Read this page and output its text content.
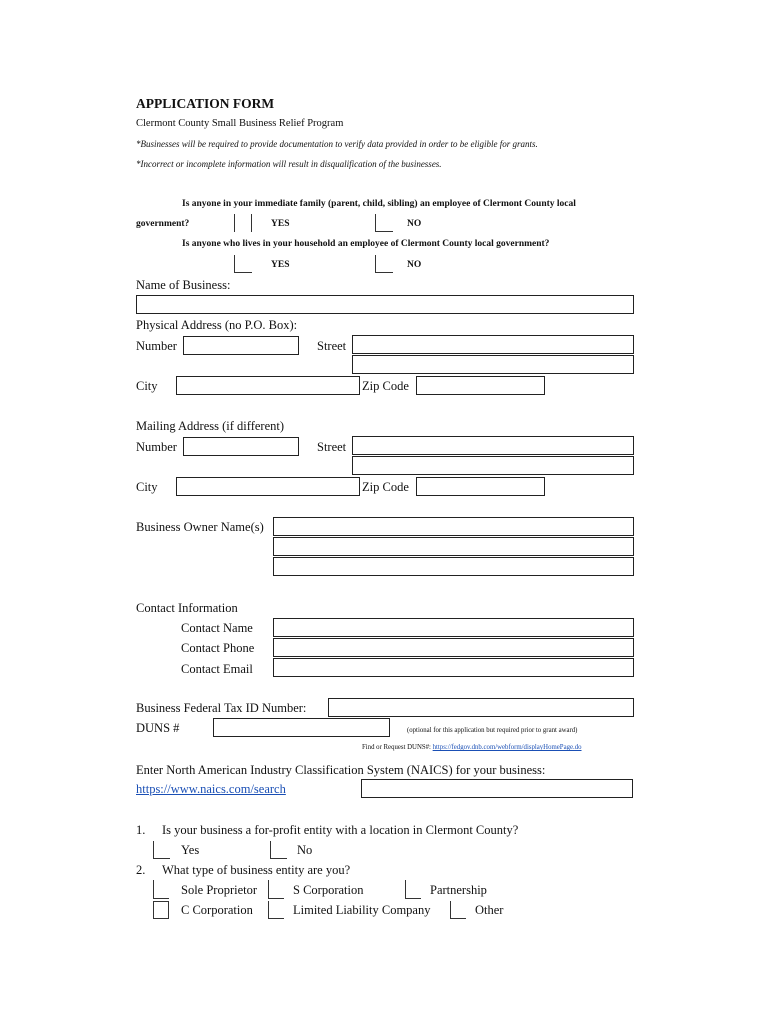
APPLICATION FORM
Clermont County Small Business Relief Program
*Businesses will be required to provide documentation to verify data provided in order to be eligible for grants.
*Incorrect or incomplete information will result in disqualification of the businesses.
Is anyone in your immediate family (parent, child, sibling) an employee of Clermont County local
government?	YES	NO
Is anyone who lives in your household an employee of Clermont County local government?
YES	NO
Name of Business:
Physical Address (no P.O. Box):
Number	Street
City	Zip Code
Mailing Address (if different)
Number	Street
City	Zip Code
Business Owner Name(s)
Contact Information
Contact Name
Contact Phone
Contact Email
Business Federal Tax ID Number:
DUNS #	(optional for this application but required prior to grant award)
Find or Request DUNS#: https://fedgov.dnb.com/webform/displayHomePage.do
Enter North American Industry Classification System (NAICS) for your business:
https://www.naics.com/search
1. Is your business a for-profit entity with a location in Clermont County?
Yes	No
2. What type of business entity are you?
Sole Proprietor	S Corporation	Partnership
C Corporation	Limited Liability Company	Other
